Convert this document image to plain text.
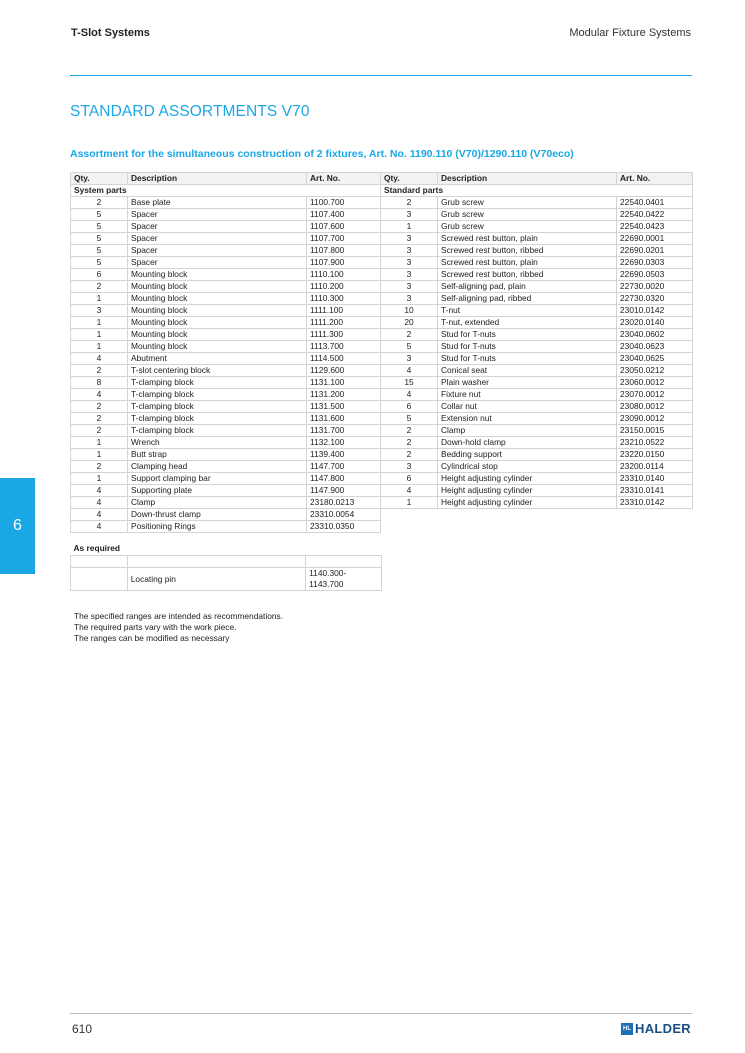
T-Slot Systems	Modular Fixture Systems
STANDARD ASSORTMENTS V70
Assortment for the simultaneous construction of 2 fixtures, Art. No. 1190.110 (V70)/1290.110 (V70eco)
Qty.	Description	Art. No.	Qty.	Description	Art. No.
System parts			Standard parts		
2	Base plate	1100.700	2	Grub screw	22540.0401
5	Spacer	1107.400	3	Grub screw	22540.0422
5	Spacer	1107.600	1	Grub screw	22540.0423
5	Spacer	1107.700	3	Screwed rest button, plain	22690.0001
5	Spacer	1107.800	3	Screwed rest button, ribbed	22690.0201
5	Spacer	1107.900	3	Screwed rest button, plain	22690.0303
6	Mounting block	1110.100	3	Screwed rest button, ribbed	22690.0503
2	Mounting block	1110.200	3	Self-aligning pad, plain	22730.0020
1	Mounting block	1110.300	3	Self-aligning pad, ribbed	22730.0320
3	Mounting block	1111.100	10	T-nut	23010.0142
1	Mounting block	1111.200	20	T-nut, extended	23020.0140
1	Mounting block	1111.300	2	Stud for T-nuts	23040.0602
1	Mounting block	1113.700	5	Stud for T-nuts	23040.0623
4	Abutment	1114.500	3	Stud for T-nuts	23040.0625
2	T-slot centering block	1129.600	4	Conical seat	23050.0212
8	T-clamping block	1131.100	15	Plain washer	23060.0012
4	T-clamping block	1131.200	4	Fixture nut	23070.0012
2	T-clamping block	1131.500	6	Collar nut	23080.0012
2	T-clamping block	1131.600	5	Extension nut	23090.0012
2	T-clamping block	1131.700	2	Clamp	23150.0015
1	Wrench	1132.100	2	Down-hold clamp	23210.0522
1	Butt strap	1139.400	2	Bedding support	23220.0150
2	Clamping head	1147.700	3	Cylindrical stop	23200.0114
1	Support clamping bar	1147.800	6	Height adjusting cylinder	23310.0140
4	Supporting plate	1147.900	4	Height adjusting cylinder	23310.0141
4	Clamp	23180.0213	1	Height adjusting cylinder	23310.0142
4	Down-thrust clamp	23310.0054			
4	Positioning Rings	23310.0350			
As required		

	Locating pin	1140.300-
1143.700
6
The specified ranges are intended as recommendations.
The required parts vary with the work piece.
The ranges can be modified as necessary
610	HL HALDER
